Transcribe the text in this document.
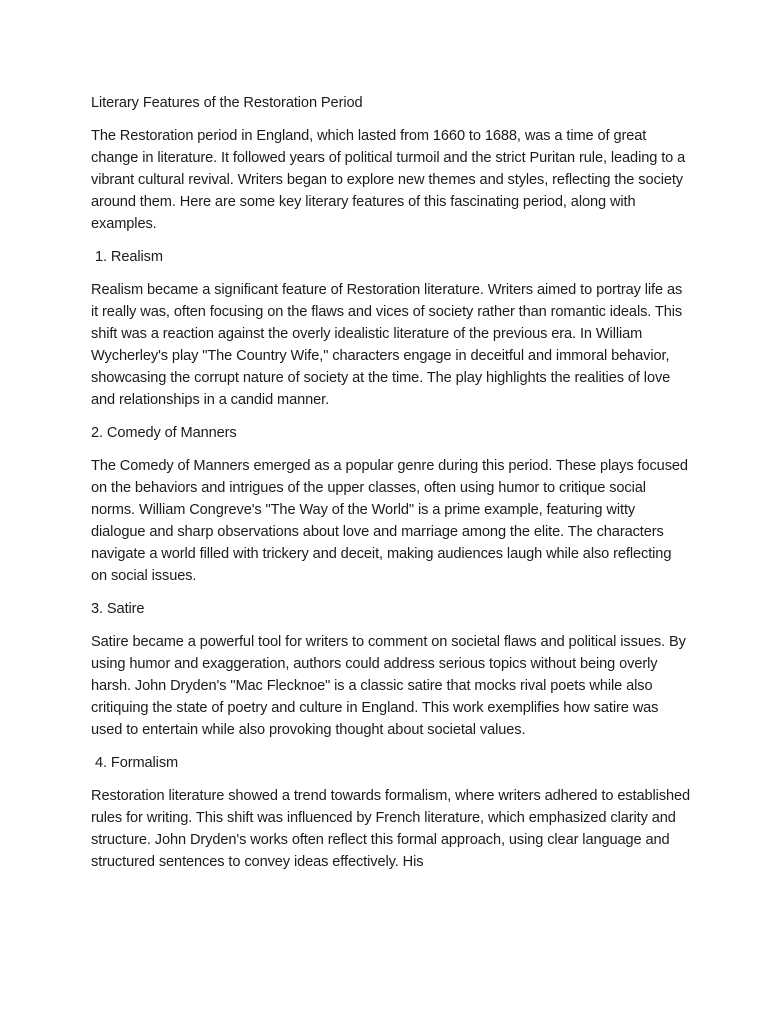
Literary Features of the Restoration Period
The Restoration period in England, which lasted from 1660 to 1688, was a time of great change in literature. It followed years of political turmoil and the strict Puritan rule, leading to a vibrant cultural revival. Writers began to explore new themes and styles, reflecting the society around them. Here are some key literary features of this fascinating period, along with examples.
1. Realism
Realism became a significant feature of Restoration literature. Writers aimed to portray life as it really was, often focusing on the flaws and vices of society rather than romantic ideals. This shift was a reaction against the overly idealistic literature of the previous era. In William Wycherley's play "The Country Wife," characters engage in deceitful and immoral behavior, showcasing the corrupt nature of society at the time. The play highlights the realities of love and relationships in a candid manner.
2. Comedy of Manners
The Comedy of Manners emerged as a popular genre during this period. These plays focused on the behaviors and intrigues of the upper classes, often using humor to critique social norms. William Congreve's "The Way of the World" is a prime example, featuring witty dialogue and sharp observations about love and marriage among the elite. The characters navigate a world filled with trickery and deceit, making audiences laugh while also reflecting on social issues.
3. Satire
Satire became a powerful tool for writers to comment on societal flaws and political issues. By using humor and exaggeration, authors could address serious topics without being overly harsh. John Dryden's "Mac Flecknoe" is a classic satire that mocks rival poets while also critiquing the state of poetry and culture in England. This work exemplifies how satire was used to entertain while also provoking thought about societal values.
4. Formalism
Restoration literature showed a trend towards formalism, where writers adhered to established rules for writing. This shift was influenced by French literature, which emphasized clarity and structure. John Dryden's works often reflect this formal approach, using clear language and structured sentences to convey ideas effectively. His
